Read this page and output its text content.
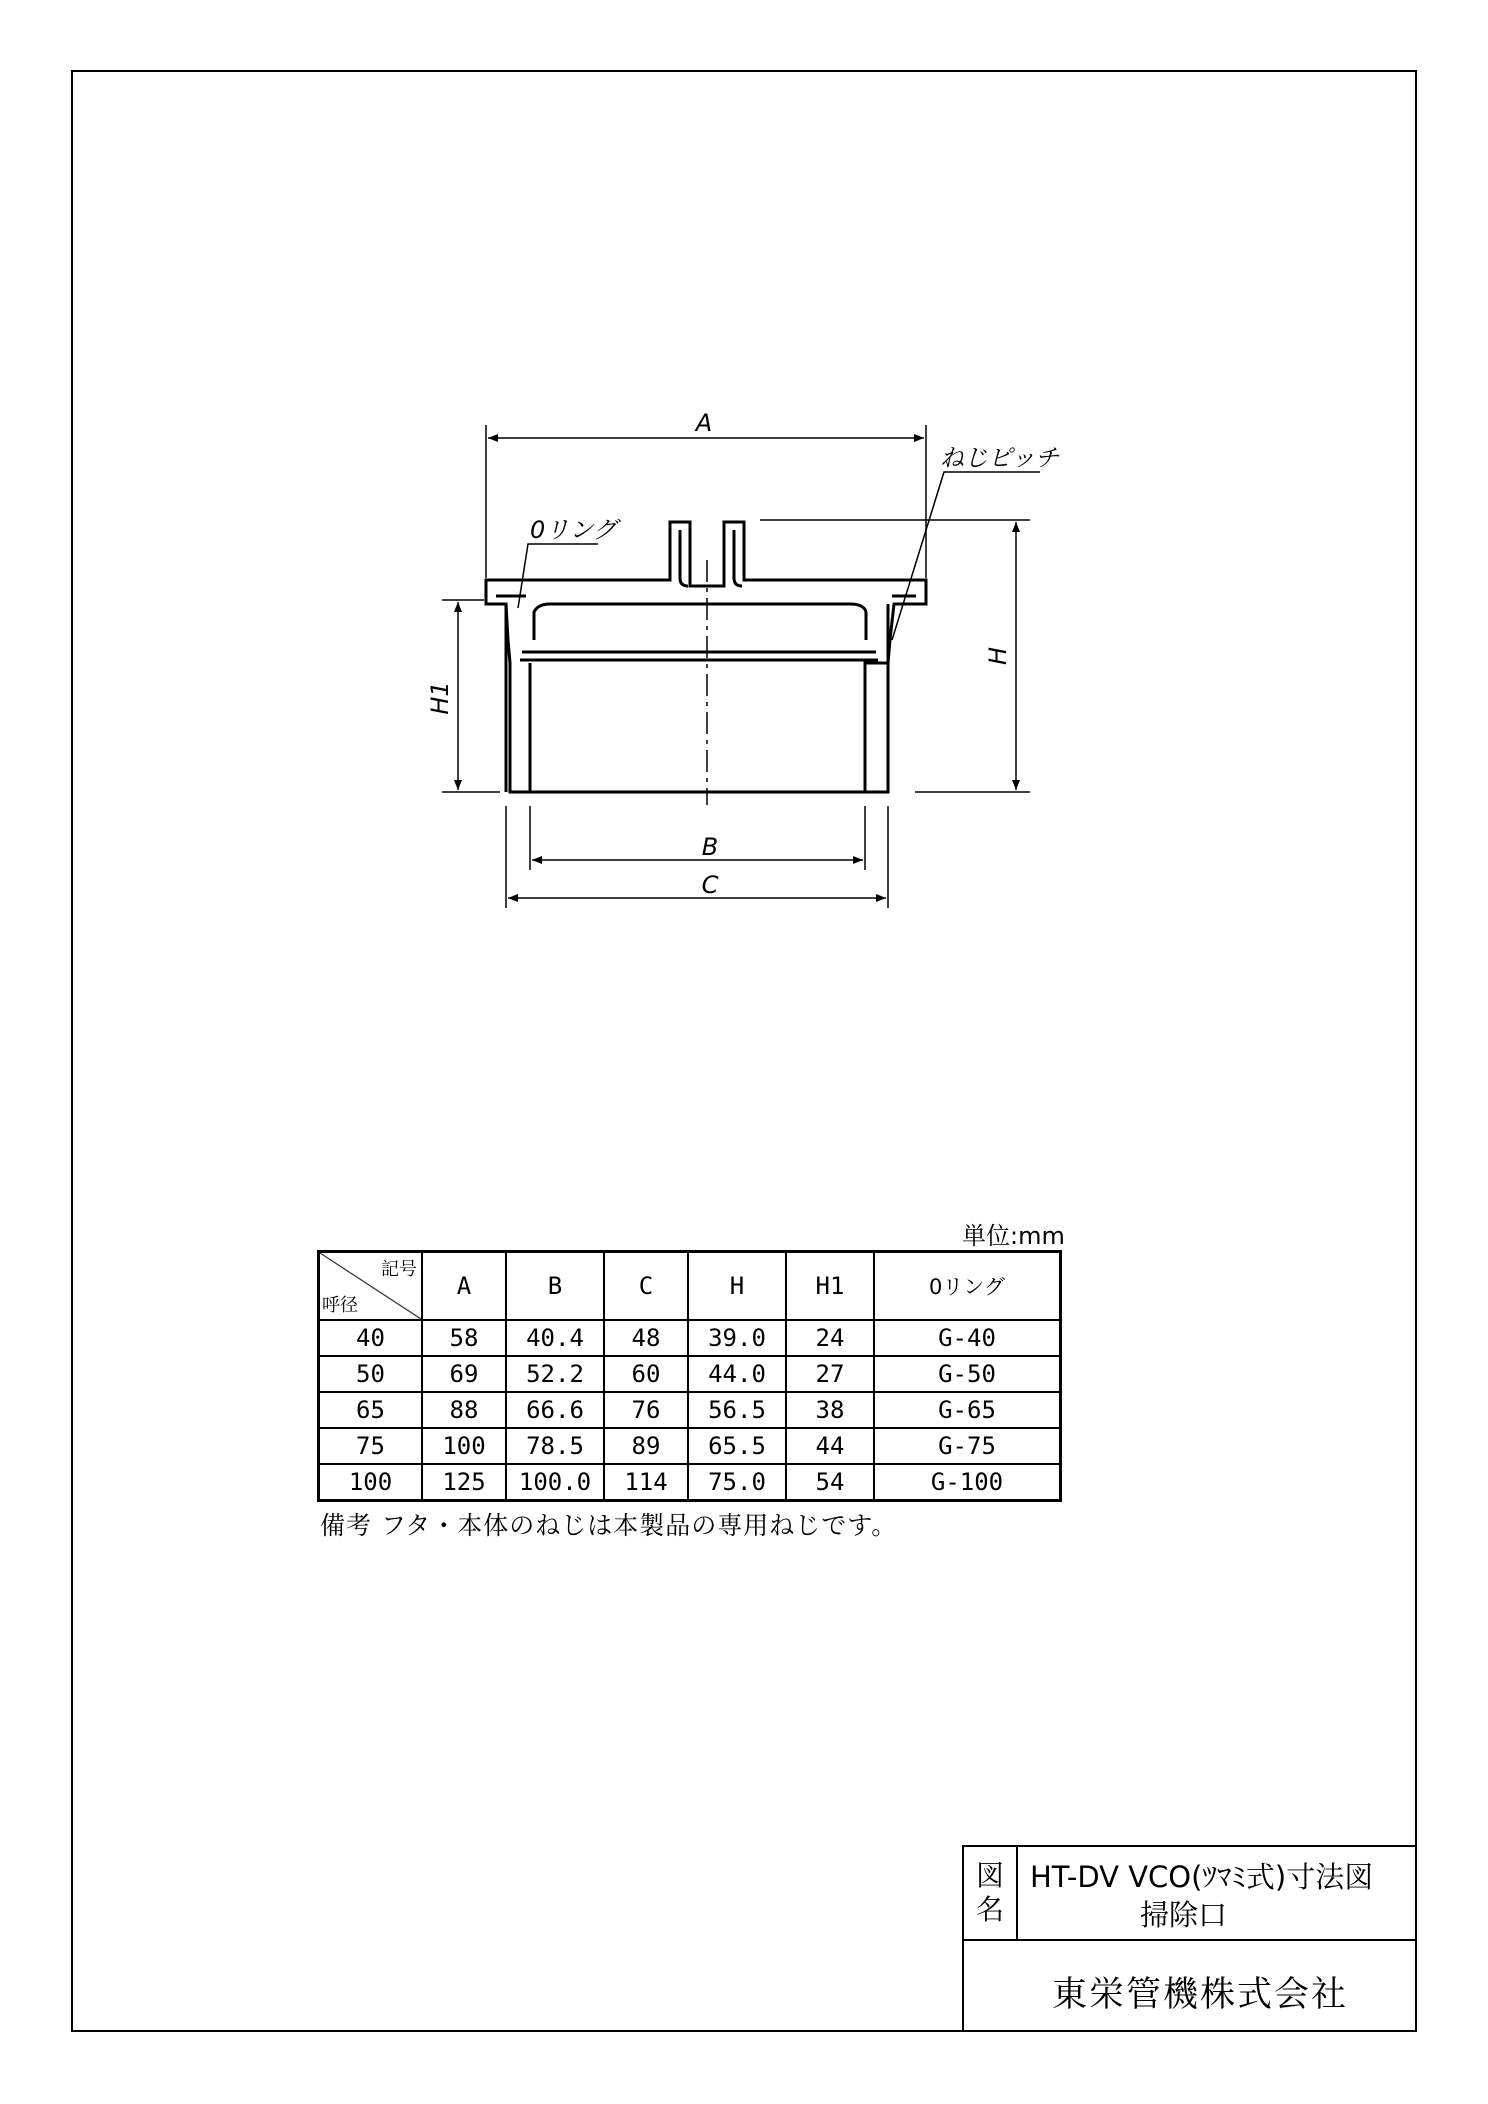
A
B
C
H
H1
0リング
ねじピッチ
単位:mm
記号
呼径	A	B	C	H	H1	0リング
40	58	40.4	48	39.0	24	G-40
50	69	52.2	60	44.0	27	G-50
65	88	66.6	76	56.5	38	G-65
75	100	78.5	89	65.5	44	G-75
100	125	100.0	114	75.0	54	G-100
備考 フタ・本体のねじは本製品の専用ねじです。
図
名
HT-DV VCO(ﾂﾏﾐ式)寸法図
掃除口
東栄管機株式会社
